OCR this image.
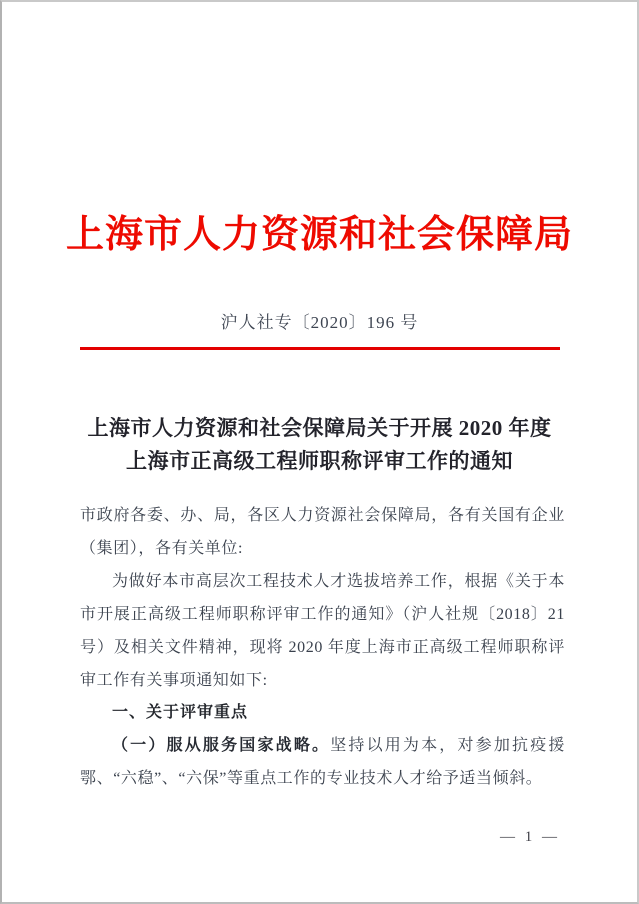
上海市人力资源和社会保障局
沪人社专〔2020〕196 号
上海市人力资源和社会保障局关于开展 2020 年度
上海市正高级工程师职称评审工作的通知

市政府各委、办、局，各区人力资源社会保障局，各有关国有企业（集团），各有关单位:

为做好本市高层次工程技术人才选拔培养工作，根据《关于本市开展正高级工程师职称评审工作的通知》（沪人社规〔2018〕21 号）及相关文件精神，现将 2020 年度上海市正高级工程师职称评审工作有关事项通知如下:

一、关于评审重点

（一）服从服务国家战略。坚持以用为本，对参加抗疫援鄂、“六稳”、“六保”等重点工作的专业技术人才给予适当倾斜。

— 1 —
